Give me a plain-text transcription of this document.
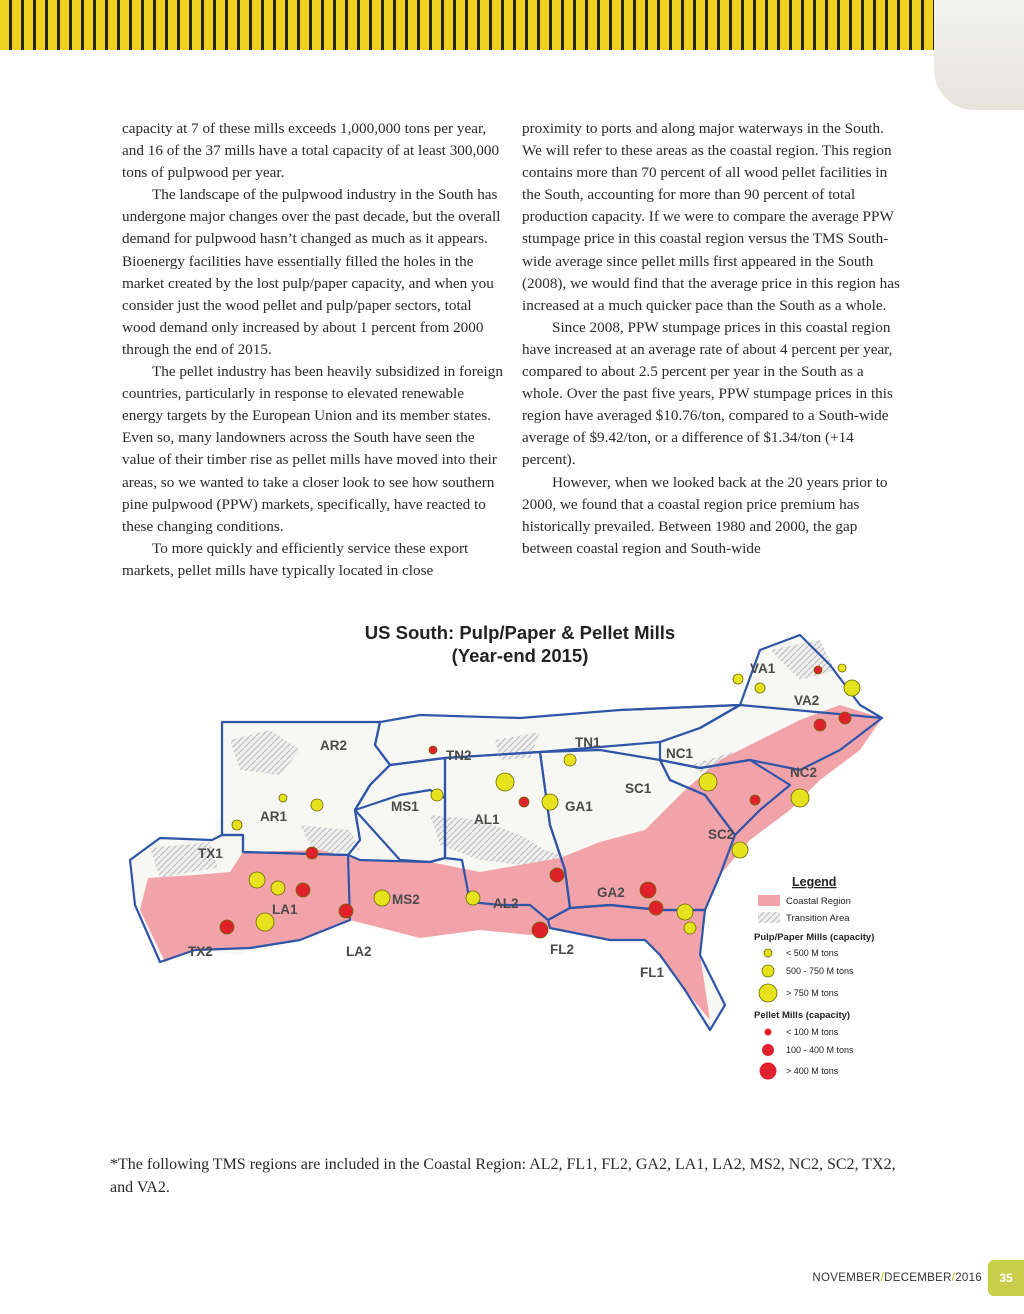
capacity at 7 of these mills exceeds 1,000,000 tons per year, and 16 of the 37 mills have a total capacity of at least 300,000 tons of pulpwood per year.

The landscape of the pulpwood industry in the South has undergone major changes over the past decade, but the overall demand for pulpwood hasn’t changed as much as it appears. Bioenergy facilities have essentially filled the holes in the market created by the lost pulp/paper capacity, and when you consider just the wood pellet and pulp/paper sectors, total wood demand only increased by about 1 percent from 2000 through the end of 2015.

The pellet industry has been heavily subsidized in foreign countries, particularly in response to elevated renewable energy targets by the European Union and its member states. Even so, many landowners across the South have seen the value of their timber rise as pellet mills have moved into their areas, so we wanted to take a closer look to see how southern pine pulpwood (PPW) markets, specifically, have reacted to these changing conditions.

To more quickly and efficiently service these export markets, pellet mills have typically located in close

proximity to ports and along major waterways in the South. We will refer to these areas as the coastal region. This region contains more than 70 percent of all wood pellet facilities in the South, accounting for more than 90 percent of total production capacity. If we were to compare the average PPW stumpage price in this coastal region versus the TMS South-wide average since pellet mills first appeared in the South (2008), we would find that the average price in this region has increased at a much quicker pace than the South as a whole.

Since 2008, PPW stumpage prices in this coastal region have increased at an average rate of about 4 percent per year, compared to about 2.5 percent per year in the South as a whole. Over the past five years, PPW stumpage prices in this region have averaged $10.76/ton, compared to a South-wide average of $9.42/ton, or a difference of $1.34/ton (+14 percent).

However, when we looked back at the 20 years prior to 2000, we found that a coastal region price premium has historically prevailed. Between 1980 and 2000, the gap between coastal region and South-wide

US South: Pulp/Paper & Pellet Mills
(Year-end 2015)
VA1
VA2
AR2
TN2
TN1
NC1
NC2
SC1
SC2
AR1
MS1
AL1
GA1
TX1
LA1
MS2	AL2
GA2
TX2	LA2	FL2
FL1
Legend
Coastal Region
Transition Area
Pulp/Paper Mills (capacity)
< 500 M tons
500 - 750 M tons
> 750 M tons
Pellet Mills (capacity)
< 100 M tons
100 - 400 M tons
> 400 M tons
*The following TMS regions are included in the Coastal Region: AL2, FL1, FL2, GA2, LA1, LA2, MS2, NC2, SC2, TX2, and VA2.
NOVEMBER/DECEMBER/2016	35
